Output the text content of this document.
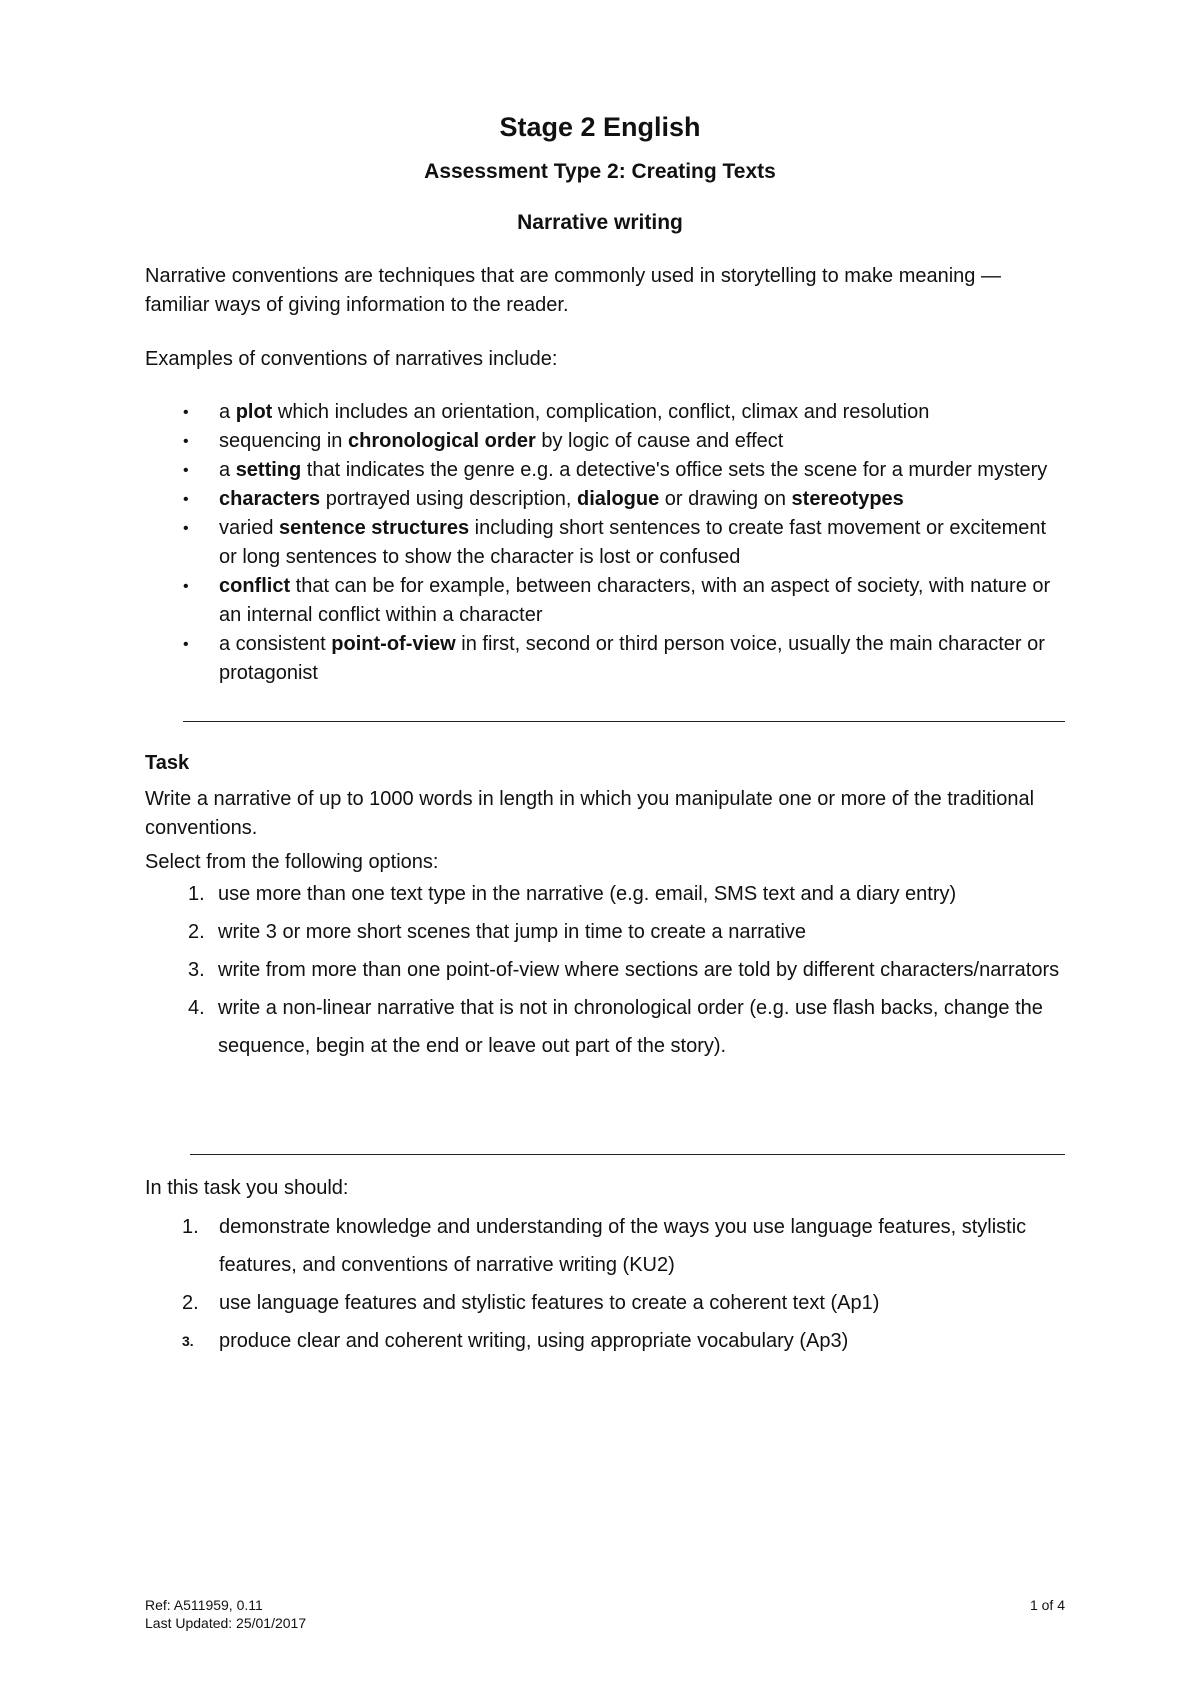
Stage 2 English
Assessment Type 2: Creating Texts
Narrative writing
Narrative conventions are techniques that are commonly used in storytelling to make meaning — familiar ways of giving information to the reader.
Examples of conventions of narratives include:
• a plot which includes an orientation, complication, conflict, climax and resolution
• sequencing in chronological order by logic of cause and effect
• a setting that indicates the genre e.g. a detective's office sets the scene for a murder mystery
• characters portrayed using description, dialogue or drawing on stereotypes
• varied sentence structures including short sentences to create fast movement or excitement or long sentences to show the character is lost or confused
• conflict that can be for example, between characters, with an aspect of society, with nature or an internal conflict within a character
• a consistent point-of-view in first, second or third person voice, usually the main character or protagonist
Task
Write a narrative of up to 1000 words in length in which you manipulate one or more of the traditional conventions.
Select from the following options:
1. use more than one text type in the narrative (e.g. email, SMS text and a diary entry)
2. write 3 or more short scenes that jump in time to create a narrative
3. write from more than one point-of-view where sections are told by different characters/narrators
4. write a non-linear narrative that is not in chronological order (e.g. use flash backs, change the sequence, begin at the end or leave out part of the story).
In this task you should:
1. demonstrate knowledge and understanding of the ways you use language features, stylistic features, and conventions of narrative writing (KU2)
2. use language features and stylistic features to create a coherent text (Ap1)
3. produce clear and coherent writing, using appropriate vocabulary (Ap3)
Ref: A511959, 0.11
Last Updated: 25/01/2017
1 of 4
